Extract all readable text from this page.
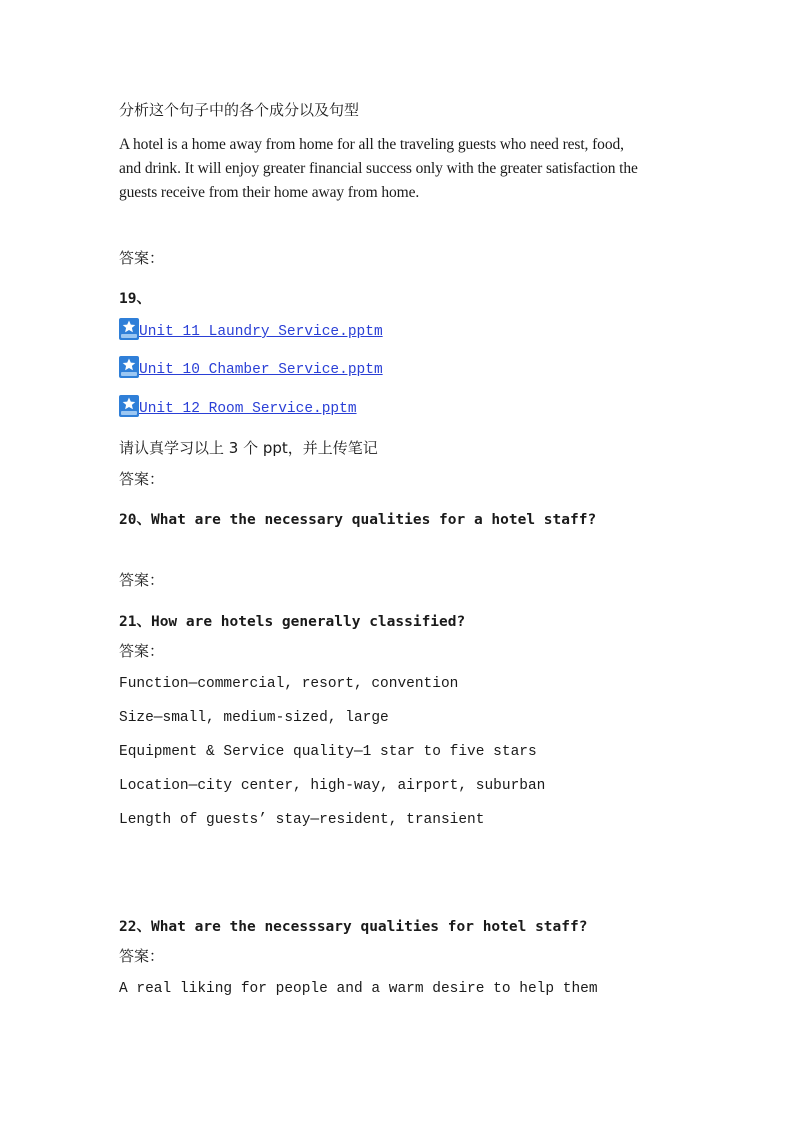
分析这个句子中的各个成分以及句型
A hotel is a home away from home for all the traveling guests who need rest, food,
and drink. It will enjoy greater financial success only with the greater satisfaction the
guests receive from their home away from home.
答案：
19、
Unit 11 Laundry Service.pptm
Unit 10 Chamber Service.pptm
Unit 12 Room Service.pptm
请认真学习以上 3 个 ppt，并上传笔记
答案：
20、What are the necessary qualities for a hotel staff?
答案：
21、How are hotels generally classified?
答案：
Function—commercial, resort, convention
Size—small, medium-sized, large
Equipment & Service quality—1 star to five stars
Location—city center, high-way, airport, suburban
Length of guests’ stay—resident, transient
22、What are the necesssary qualities for hotel staff?
答案：
A real liking for people and a warm desire to help them
